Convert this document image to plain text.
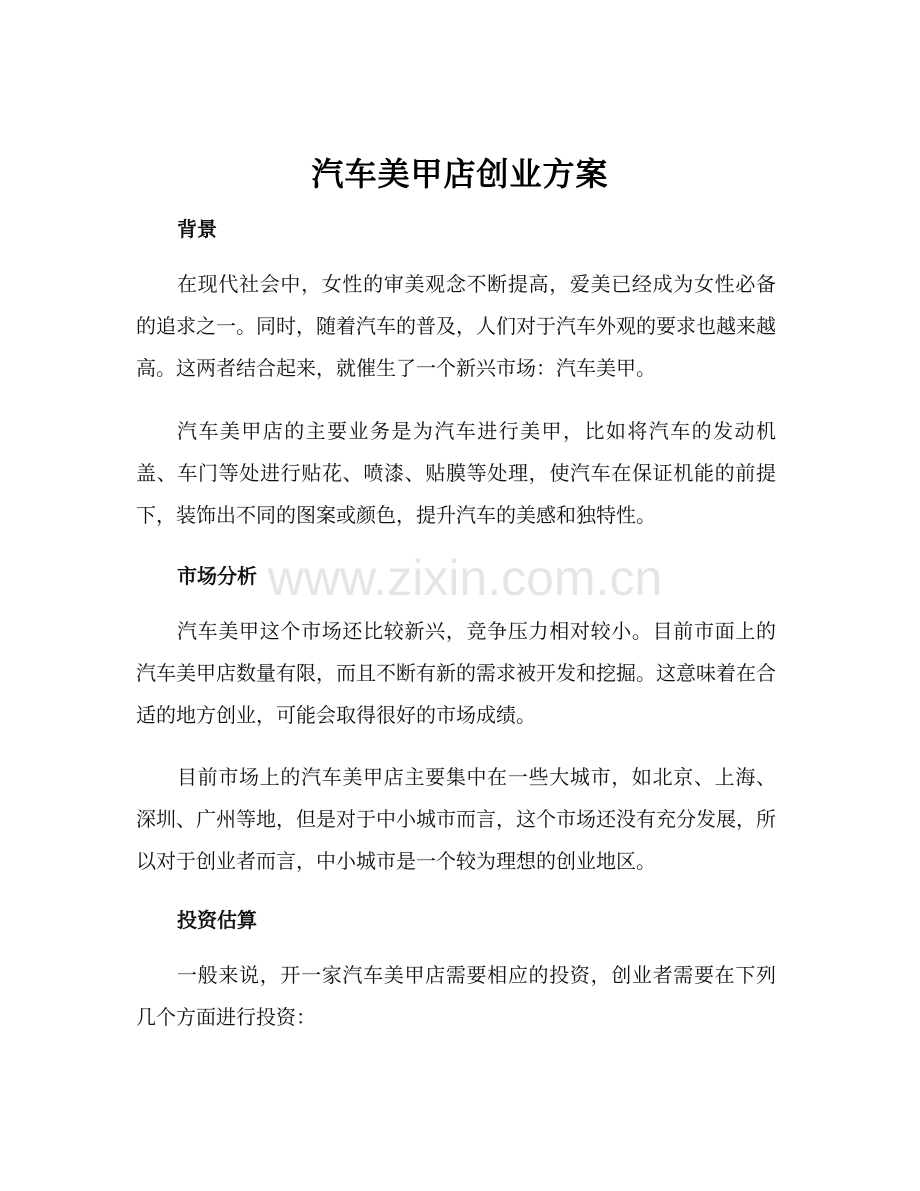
汽车美甲店创业方案
背景
在现代社会中，女性的审美观念不断提高，爱美已经成为女性必备的追求之一。同时，随着汽车的普及，人们对于汽车外观的要求也越来越高。这两者结合起来，就催生了一个新兴市场：汽车美甲。
汽车美甲店的主要业务是为汽车进行美甲，比如将汽车的发动机盖、车门等处进行贴花、喷漆、贴膜等处理，使汽车在保证机能的前提下，装饰出不同的图案或颜色，提升汽车的美感和独特性。
市场分析
汽车美甲这个市场还比较新兴，竞争压力相对较小。目前市面上的汽车美甲店数量有限，而且不断有新的需求被开发和挖掘。这意味着在合适的地方创业，可能会取得很好的市场成绩。
目前市场上的汽车美甲店主要集中在一些大城市，如北京、上海、深圳、广州等地，但是对于中小城市而言，这个市场还没有充分发展，所以对于创业者而言，中小城市是一个较为理想的创业地区。
投资估算
一般来说，开一家汽车美甲店需要相应的投资，创业者需要在下列几个方面进行投资：
www.zixin.com.cn
